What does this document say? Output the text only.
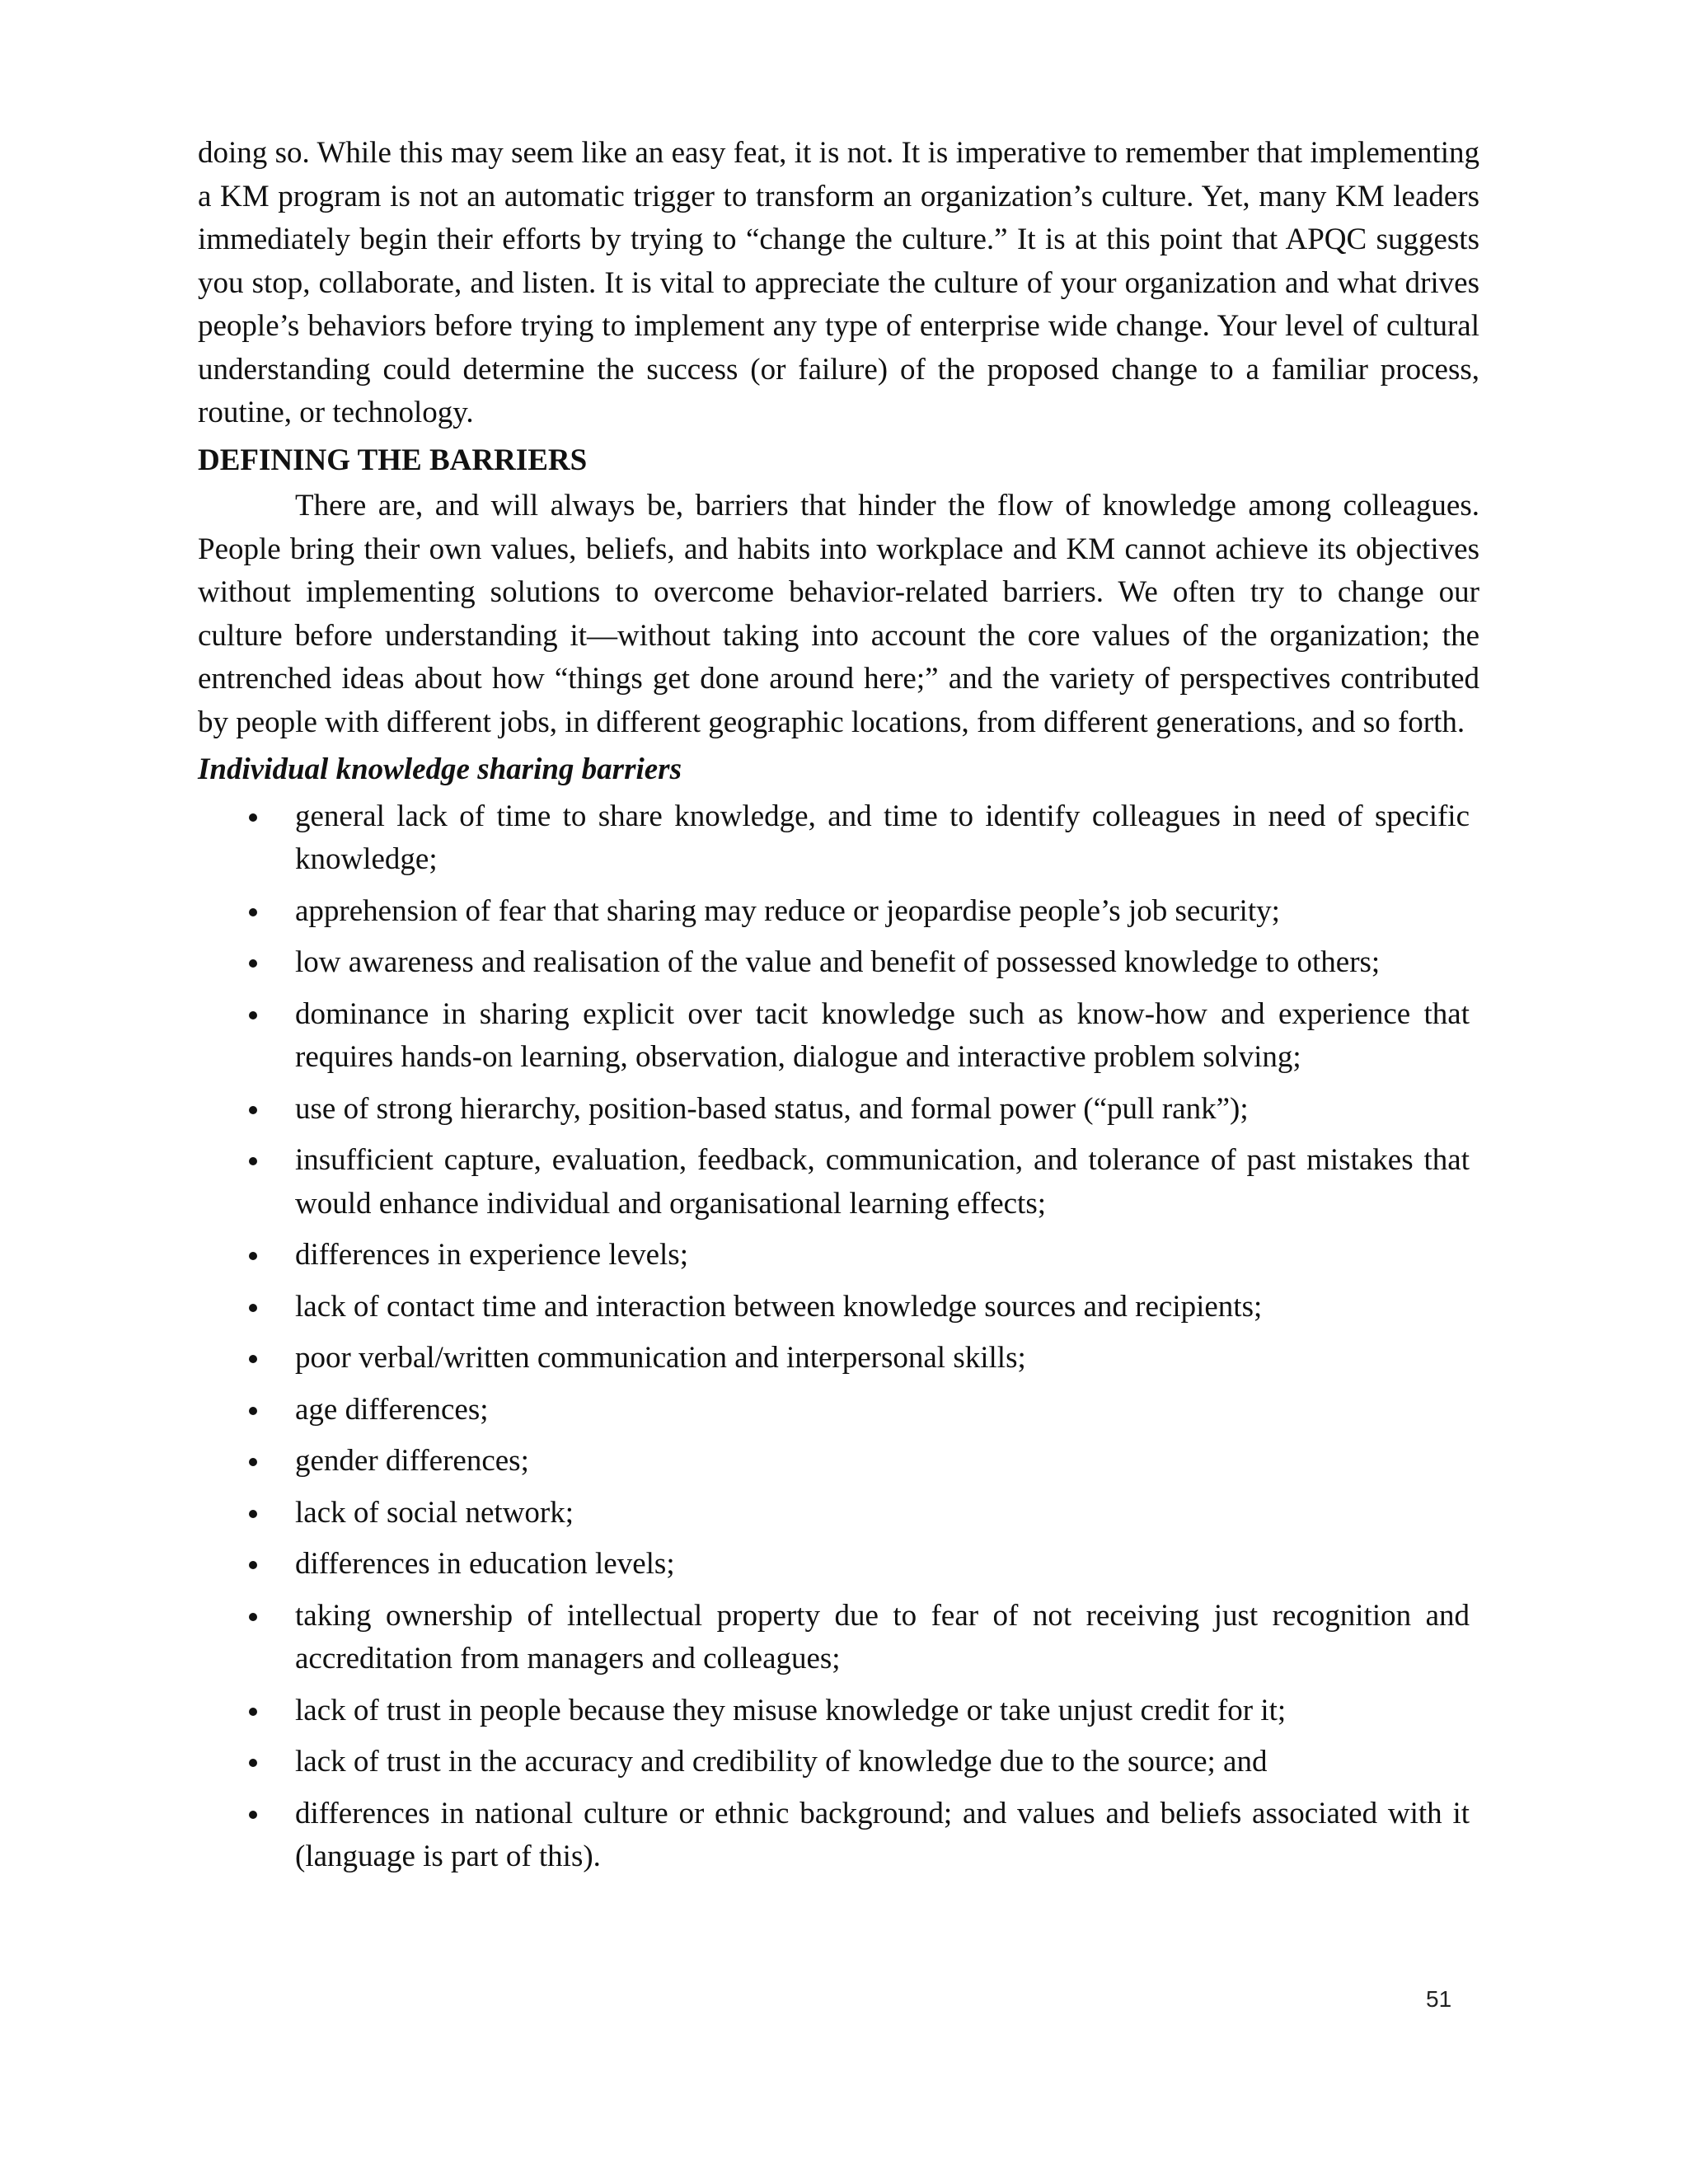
doing so. While this may seem like an easy feat, it is not. It is imperative to remember that implementing a KM program is not an automatic trigger to transform an organization’s culture. Yet, many KM leaders immediately begin their efforts by trying to “change the culture.” It is at this point that APQC suggests you stop, collaborate, and listen. It is vital to appreciate the culture of your organization and what drives people’s behaviors before trying to implement any type of enterprise wide change. Your level of cultural understanding could determine the success (or failure) of the proposed change to a familiar process, routine, or technology.

DEFINING THE BARRIERS

There are, and will always be, barriers that hinder the flow of knowledge among colleagues. People bring their own values, beliefs, and habits into workplace and KM cannot achieve its objectives without implementing solutions to overcome behavior-related barriers. We often try to change our culture before understanding it—without taking into account the core values of the organization; the entrenched ideas about how “things get done around here;” and the variety of perspectives contributed by people with different jobs, in different geographic locations, from different generations, and so forth.

Individual knowledge sharing barriers
general lack of time to share knowledge, and time to identify colleagues in need of specific knowledge;
apprehension of fear that sharing may reduce or jeopardise people’s job security;
low awareness and realisation of the value and benefit of possessed knowledge to others;
dominance in sharing explicit over tacit knowledge such as know-how and experience that requires hands-on learning, observation, dialogue and interactive problem solving;
use of strong hierarchy, position-based status, and formal power (“pull rank”);
insufficient capture, evaluation, feedback, communication, and tolerance of past mistakes that would enhance individual and organisational learning effects;
differences in experience levels;
lack of contact time and interaction between knowledge sources and recipients;
poor verbal/written communication and interpersonal skills;
age differences;
gender differences;
lack of social network;
differences in education levels;
taking ownership of intellectual property due to fear of not receiving just recognition and accreditation from managers and colleagues;
lack of trust in people because they misuse knowledge or take unjust credit for it;
lack of trust in the accuracy and credibility of knowledge due to the source; and
differences in national culture or ethnic background; and values and beliefs associated with it (language is part of this).
51
